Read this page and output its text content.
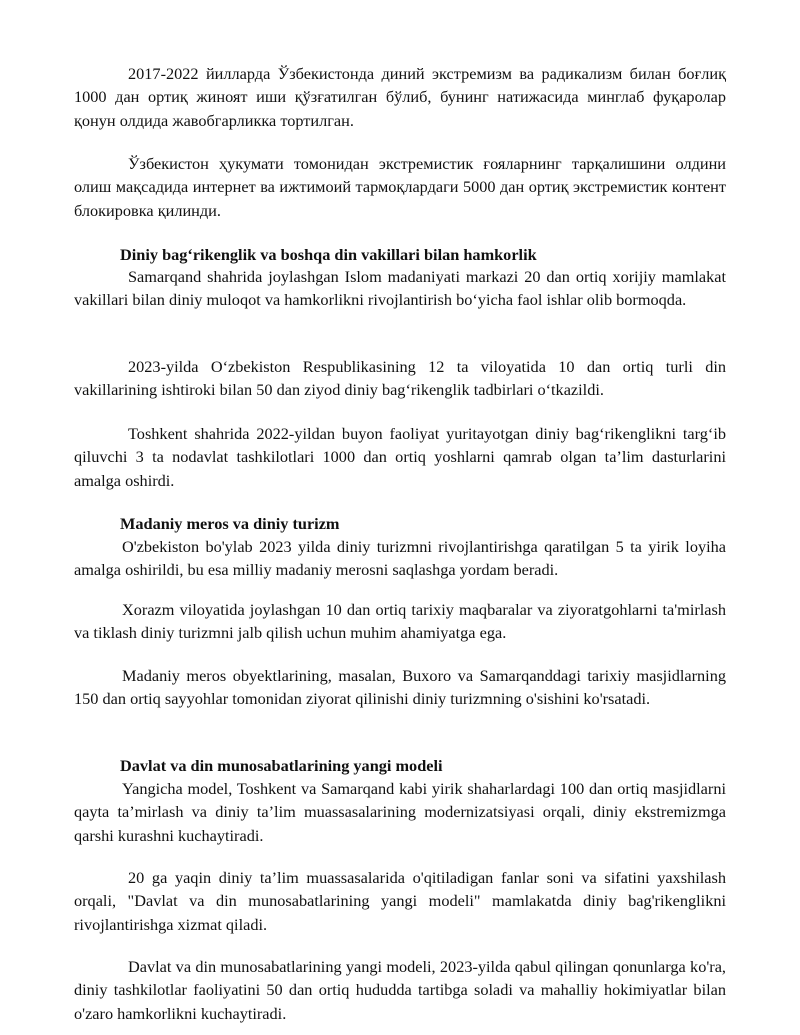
2017-2022 йилларда Ўзбекистонда диний экстремизм ва радикализм билан боғлиқ 1000 дан ортиқ жиноят иши қўзғатилган бўлиб, бунинг натижасида минглаб фуқаролар қонун олдида жавобгарликка тортилган.

Ўзбекистон ҳукумати томонидан экстремистик ғояларнинг тарқалишини олдини олиш мақсадида интернет ва ижтимоий тармоқлардаги 5000 дан ортиқ экстремистик контент блокировка қилинди.

Diniy bag‘rikenglik va boshqa din vakillari bilan hamkorlik

Samarqand shahrida joylashgan Islom madaniyati markazi 20 dan ortiq xorijiy mamlakat vakillari bilan diniy muloqot va hamkorlikni rivojlantirish bo‘yicha faol ishlar olib bormoqda.

2023-yilda O‘zbekiston Respublikasining 12 ta viloyatida 10 dan ortiq turli din vakillarining ishtiroki bilan 50 dan ziyod diniy bag‘rikenglik tadbirlari o‘tkazildi.

Toshkent shahrida 2022-yildan buyon faoliyat yuritayotgan diniy bag‘rikenglikni targ‘ib qiluvchi 3 ta nodavlat tashkilotlari 1000 dan ortiq yoshlarni qamrab olgan ta’lim dasturlarini amalga oshirdi.

Madaniy meros va diniy turizm

O'zbekiston bo'ylab 2023 yilda diniy turizmni rivojlantirishga qaratilgan 5 ta yirik loyiha amalga oshirildi, bu esa milliy madaniy merosni saqlashga yordam beradi.

Xorazm viloyatida joylashgan 10 dan ortiq tarixiy maqbaralar va ziyoratgohlarni ta'mirlash va tiklash diniy turizmni jalb qilish uchun muhim ahamiyatga ega.

Madaniy meros obyektlarining, masalan, Buxoro va Samarqanddagi tarixiy masjidlarning 150 dan ortiq sayyohlar tomonidan ziyorat qilinishi diniy turizmning o'sishini ko'rsatadi.

Davlat va din munosabatlarining yangi modeli

Yangicha model, Toshkent va Samarqand kabi yirik shaharlardagi 100 dan ortiq masjidlarni qayta ta’mirlash va diniy ta’lim muassasalarining modernizatsiyasi orqali, diniy ekstremizmga qarshi kurashni kuchaytiradi.

20 ga yaqin diniy ta’lim muassasalarida o'qitiladigan fanlar soni va sifatini yaxshilash orqali, "Davlat va din munosabatlarining yangi modeli" mamlakatda diniy bag'rikenglikni rivojlantirishga xizmat qiladi.

Davlat va din munosabatlarining yangi modeli, 2023-yilda qabul qilingan qonunlarga ko'ra, diniy tashkilotlar faoliyatini 50 dan ortiq hududda tartibga soladi va mahalliy hokimiyatlar bilan o'zaro hamkorlikni kuchaytiradi.
